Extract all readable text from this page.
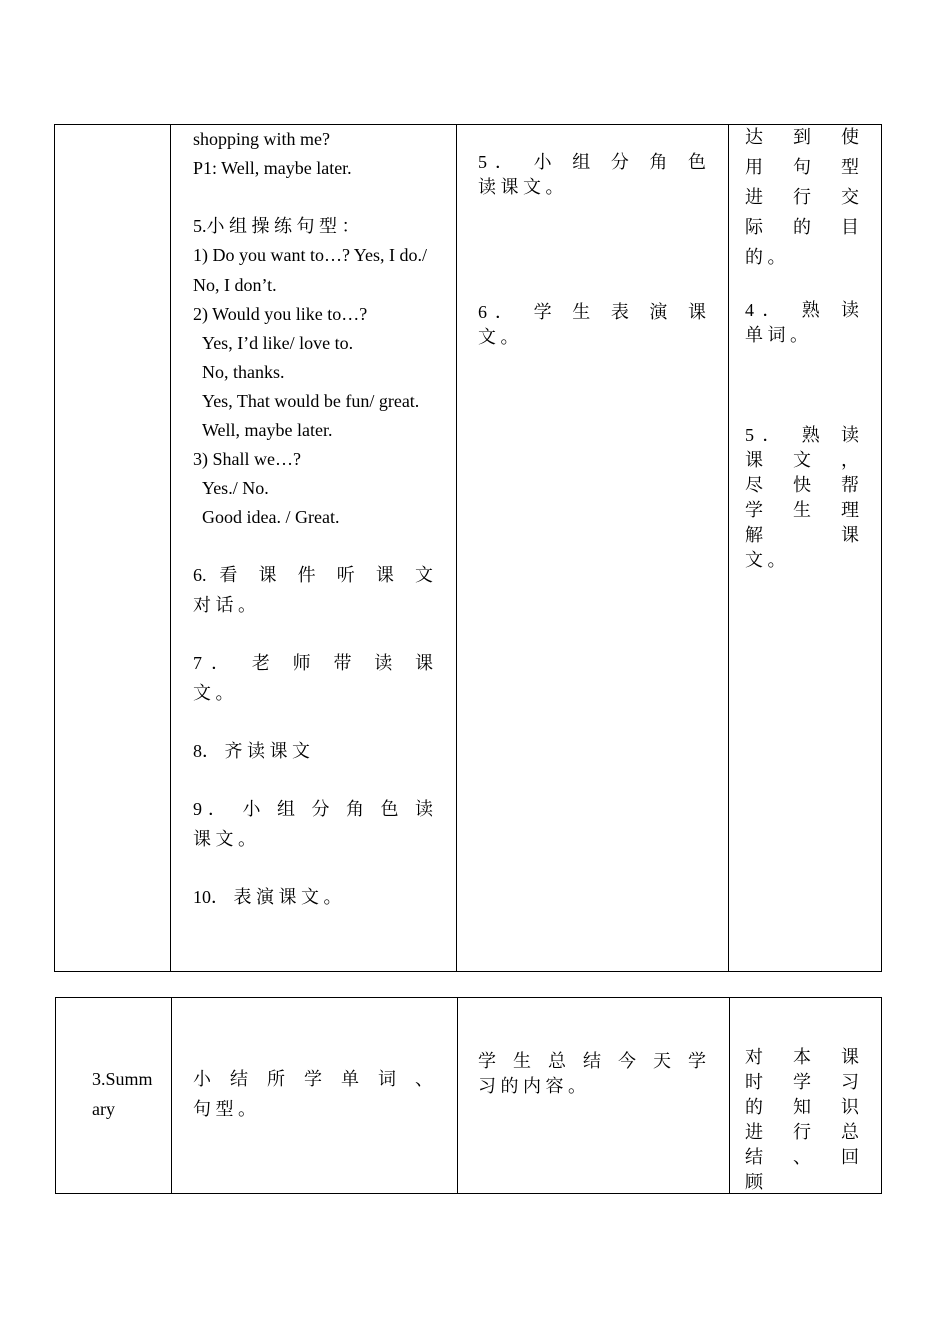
shopping with me?
P1: Well, maybe later.
5.小 组 操 练 句 型 ：
1) Do you want to…? Yes, I do./
No, I don’t.
2) Would you like to…?
Yes, I’d like/ love to.
No, thanks.
Yes, That would be fun/ great.
Well, maybe later.
3) Shall we…?
Yes./ No.
Good idea. / Great.
6. 看 课 件 听 课 文
对 话 。
7． 老 师 带 读 课
文 。
8． 齐 读 课 文
9． 小 组 分 角 色 读
课 文 。
10． 表 演 课 文 。
5． 小 组 分 角 色
读 课 文 。
6． 学 生 表 演 课
文 。
达 到 使
用 句 型
进 行 交
际 的 目
的 。
4． 熟 读
单 词 。
5． 熟 读
课 文 ，
尽 快 帮
学 生 理
解 课
文 。
3.Summ
ary
小 结 所 学 单 词 、
句 型 。
学 生 总 结 今 天 学
习 的 内 容 。
对 本 课
时 学 习
的 知 识
进 行 总
结 、 回
顾
